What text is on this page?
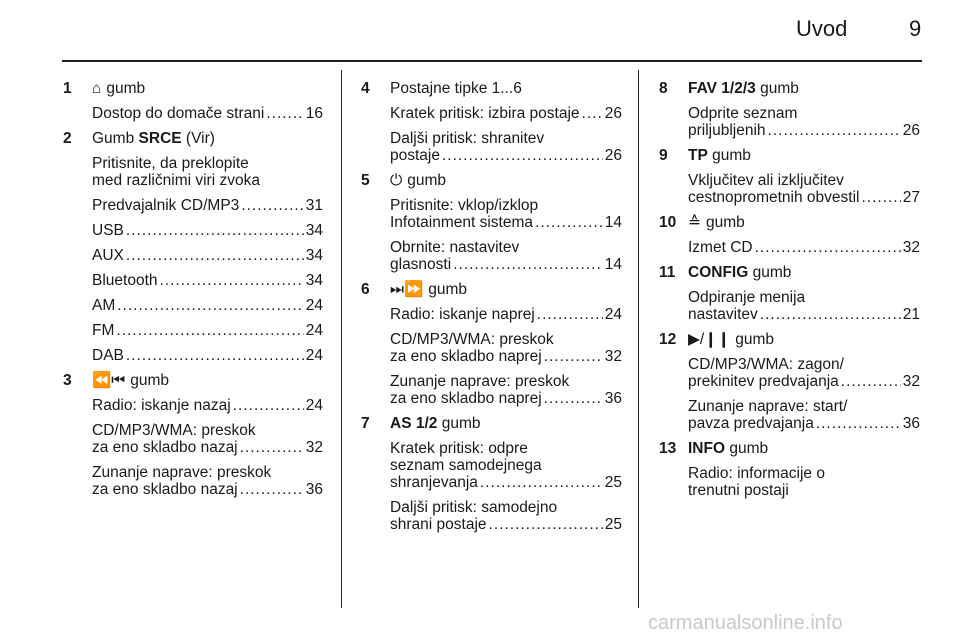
Uvod	9
1 ⌂ gumb
Dostop do domače strani .....	16
2 Gumb SRCE (Vir)
Pritisnite, da preklopite
med različnimi viri zvoka
Predvajalnik CD/MP3 .....	31
USB .....	34
AUX .....	34
Bluetooth .....	34
AM .....	24
FM .....	24
DAB .....	24
3 ⏪⏮ gumb
Radio: iskanje nazaj .....	24
CD/MP3/WMA: preskok
za eno skladbo nazaj .....	32
Zunanje naprave: preskok
za eno skladbo nazaj .....	36
4 Postajne tipke 1...6
Kratek pritisk: izbira postaje ..... 26
Daljši pritisk: shranitev
postaje .....	26
5 ⏻ gumb
Pritisnite: vklop/izklop
Infotainment sistema .....	14
Obrnite: nastavitev
glasnosti .....	14
6 ⏭⏩ gumb
Radio: iskanje naprej .....	24
CD/MP3/WMA: preskok
za eno skladbo naprej .....	32
Zunanje naprave: preskok
za eno skladbo naprej .....	36
7 AS 1/2 gumb
Kratek pritisk: odpre
seznam samodejnega
shranjevanja .....	25
Daljši pritisk: samodejno
shrani postaje .....	25
8 FAV 1/2/3 gumb
Odprite seznam
priljubljenih .....	26
9 TP gumb
Vključitev ali izključitev
cestnoprometnih obvestil .....	27
10 ≙ gumb
Izmet CD .....	32
11 CONFIG gumb
Odpiranje menija
nastavitev .....	21
12 ▶/❙❙ gumb
CD/MP3/WMA: zagon/
prekinitev predvajanja .....	32
Zunanje naprave: start/
pavza predvajanja .....	36
13 INFO gumb
Radio: informacije o
trenutni postaji
carmanualsonline.info
